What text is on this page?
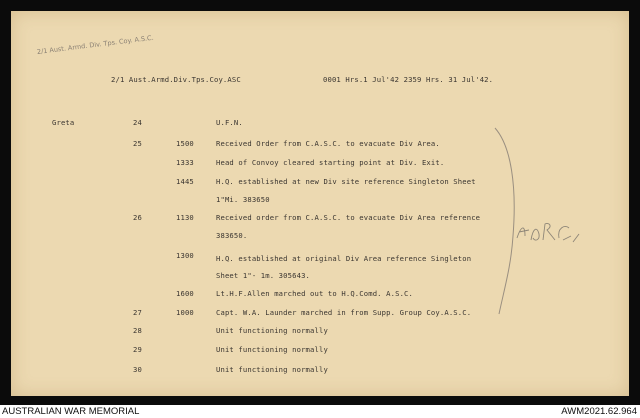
2/1 Aust. Armd. Div. Tps. Coy. A.S.C.
2/1 Aust.Armd.Div.Tps.Coy.ASC	0001 Hrs.1 Jul'42 2359 Hrs. 31 Jul'42.
Greta	24	U.F.N.
25	1500	Received Order from C.A.S.C. to evacuate Div Area.
1333	Head of Convoy cleared starting point at Div. Exit.
1445	H.Q. established at new Div site reference Singleton Sheet
1"Mi. 383650
26	1130	Received order from C.A.S.C. to evacuate Div Area reference
383650.
1300	H.Q. established at original Div Area reference Singleton
Sheet 1"- 1m. 305643.
1600	Lt.H.F.Allen marched out to H.Q.Comd. A.S.C.
27	1000	Capt. W.A. Launder marched in from Supp. Group Coy.A.S.C.
28	Unit functioning normally
29	Unit functioning normally
30	Unit functioning normally
AUSTRALIAN WAR MEMORIAL	AWM2021.62.964
